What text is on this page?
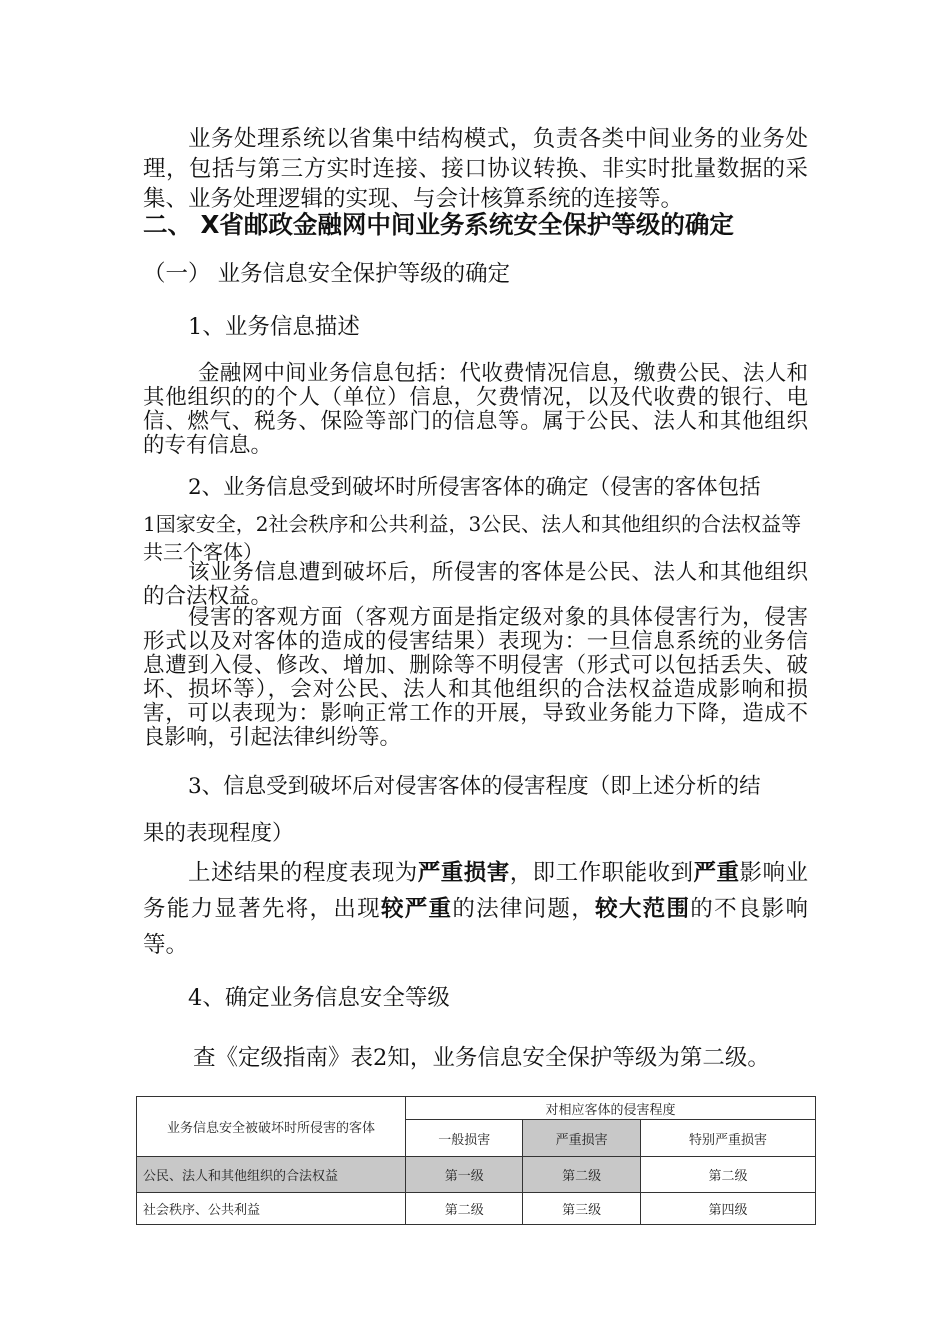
业务处理系统以省集中结构模式，负责各类中间业务的业务处理，包括与第三方实时连接、接口协议转换、非实时批量数据的采集、业务处理逻辑的实现、与会计核算系统的连接等。

二、 X省邮政金融网中间业务系统安全保护等级的确定

（一） 业务信息安全保护等级的确定

1、业务信息描述

金融网中间业务信息包括：代收费情况信息，缴费公民、法人和其他组织的的个人（单位）信息，欠费情况，以及代收费的银行、电信、燃气、税务、保险等部门的信息等。属于公民、法人和其他组织的专有信息。

2、业务信息受到破坏时所侵害客体的确定（侵害的客体包括

1国家安全，2社会秩序和公共利益，3公民、法人和其他组织的合法权益等共三个客体）

该业务信息遭到破坏后，所侵害的客体是公民、法人和其他组织的合法权益。

侵害的客观方面（客观方面是指定级对象的具体侵害行为，侵害形式以及对客体的造成的侵害结果）表现为：一旦信息系统的业务信息遭到入侵、修改、增加、删除等不明侵害（形式可以包括丢失、破坏、损坏等），会对公民、法人和其他组织的合法权益造成影响和损害，可以表现为：影响正常工作的开展，导致业务能力下降，造成不良影响，引起法律纠纷等。

3、信息受到破坏后对侵害客体的侵害程度（即上述分析的结

果的表现程度）

上述结果的程度表现为严重损害，即工作职能收到严重影响业务能力显著先将，出现较严重的法律问题，较大范围的不良影响等。

4、确定业务信息安全等级

查《定级指南》表2知，业务信息安全保护等级为第二级。

业务信息安全被破坏时所侵害的客体	对相应客体的侵害程度		
	一般损害	严重损害	特别严重损害
公民、法人和其他组织的合法权益	第一级	第二级	第二级
社会秩序、公共利益	第二级	第三级	第四级
